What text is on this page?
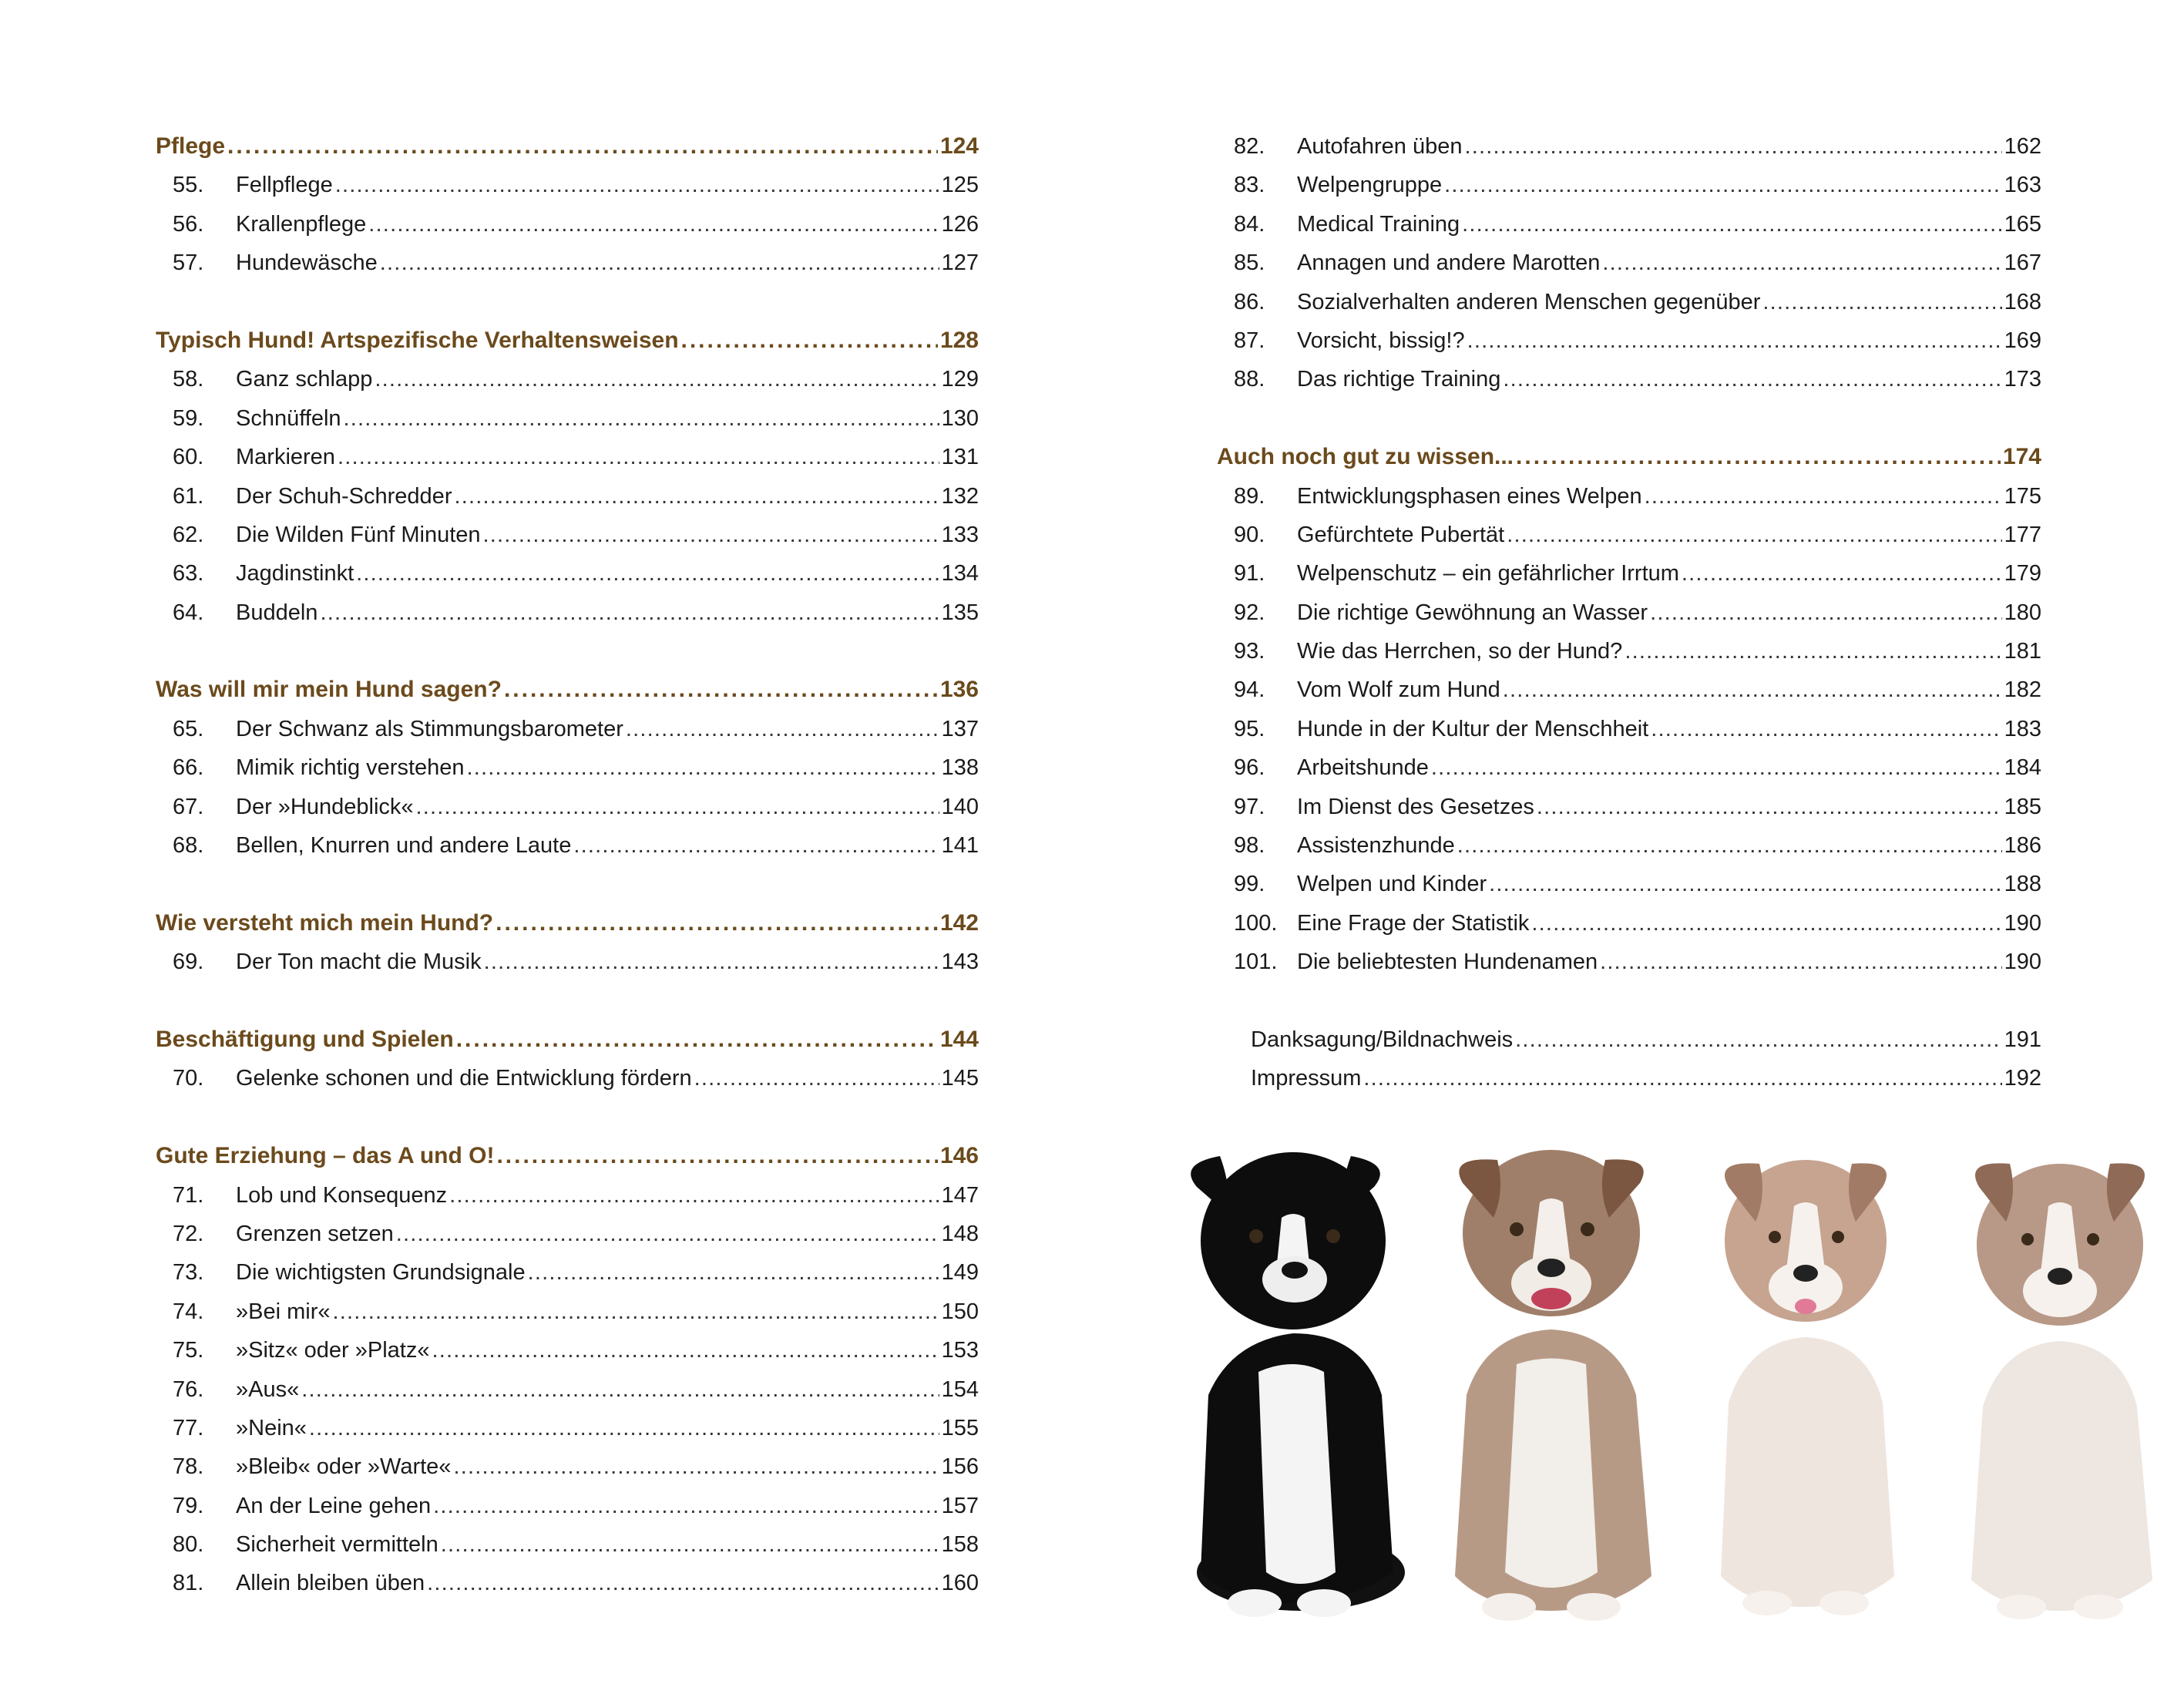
Pflege .....	124
55.	Fellpflege .....	125
56.	Krallenpflege .....	126
57.	Hundewäsche .....	127
Typisch Hund! Artspezifische Verhaltensweisen .....	128
58.	Ganz schlapp .....	129
59.	Schnüffeln .....	130
60.	Markieren .....	131
61.	Der Schuh-Schredder .....	132
62.	Die Wilden Fünf Minuten .....	133
63.	Jagdinstinkt .....	134
64.	Buddeln .....	135
Was will mir mein Hund sagen? .....	136
65.	Der Schwanz als Stimmungsbarometer .....	137
66.	Mimik richtig verstehen .....	138
67.	Der »Hundeblick« .....	140
68.	Bellen, Knurren und andere Laute .....	141
Wie versteht mich mein Hund? .....	142
69.	Der Ton macht die Musik .....	143
Beschäftigung und Spielen .....	144
70.	Gelenke schonen und die Entwicklung fördern .....	145
Gute Erziehung – das A und O! .....	146
71.	Lob und Konsequenz .....	147
72.	Grenzen setzen .....	148
73.	Die wichtigsten Grundsignale .....	149
74.	»Bei mir« .....	150
75.	»Sitz« oder »Platz« .....	153
76.	»Aus« .....	154
77.	»Nein« .....	155
78.	»Bleib« oder »Warte« .....	156
79.	An der Leine gehen .....	157
80.	Sicherheit vermitteln .....	158
81.	Allein bleiben üben .....	160
82.	Autofahren üben .....	162
83.	Welpengruppe .....	163
84.	Medical Training .....	165
85.	Annagen und andere Marotten .....	167
86.	Sozialverhalten anderen Menschen gegenüber .....	168
87.	Vorsicht, bissig!? .....	169
88.	Das richtige Training .....	173
Auch noch gut zu wissen... .....	174
89.	Entwicklungsphasen eines Welpen .....	175
90.	Gefürchtete Pubertät .....	177
91.	Welpenschutz – ein gefährlicher Irrtum .....	179
92.	Die richtige Gewöhnung an Wasser .....	180
93.	Wie das Herrchen, so der Hund? .....	181
94.	Vom Wolf zum Hund .....	182
95.	Hunde in der Kultur der Menschheit .....	183
96.	Arbeitshunde .....	184
97.	Im Dienst des Gesetzes .....	185
98.	Assistenzhunde .....	186
99.	Welpen und Kinder .....	188
100. Eine Frage der Statistik .....	190
101. Die beliebtesten Hundenamen .....	190
Danksagung/Bildnachweis .....	191
Impressum .....	192
